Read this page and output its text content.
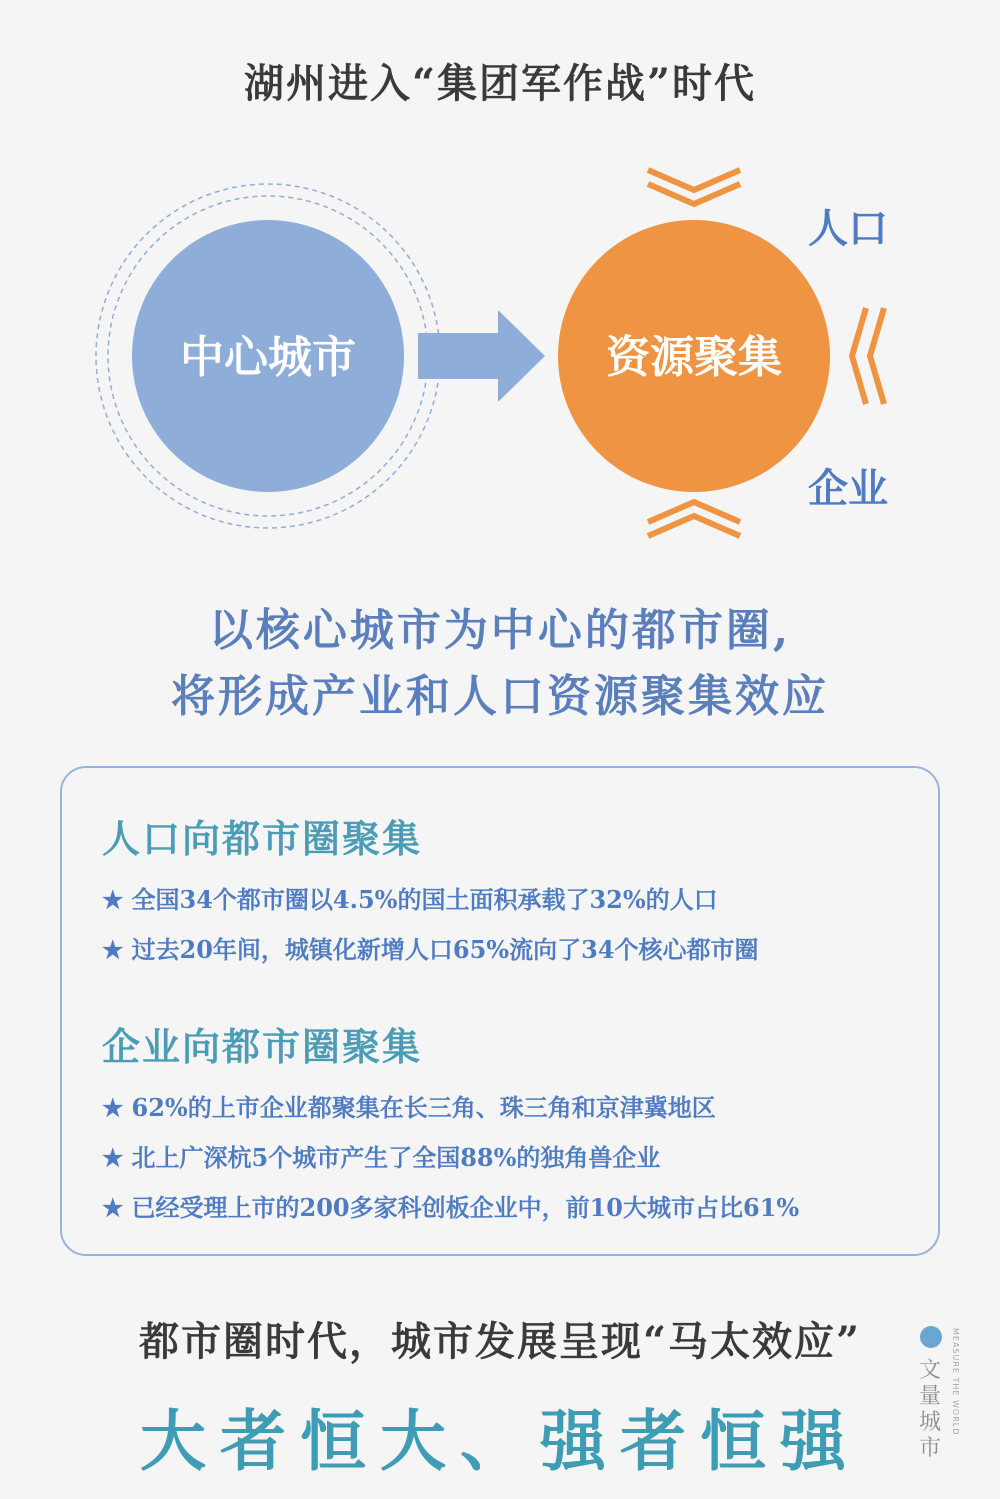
湖州进入“集团军作战”时代
中心城市	资源聚集
人口
企业
以核心城市为中心的都市圈,
将形成产业和人口资源聚集效应
人口向都市圈聚集
★ 全国34个都市圈以4.5%的国土面积承载了32%的人口
★ 过去20年间，城镇化新增人口65%流向了34个核心都市圈
企业向都市圈聚集
★ 62%的上市企业都聚集在长三角、珠三角和京津冀地区
★ 北上广深杭5个城市产生了全国88%的独角兽企业
★ 已经受理上市的200多家科创板企业中，前10大城市占比61%
都市圈时代，城市发展呈现“马太效应”
大者恒大、强者恒强
文量城市
MEASURE THE WORLD
